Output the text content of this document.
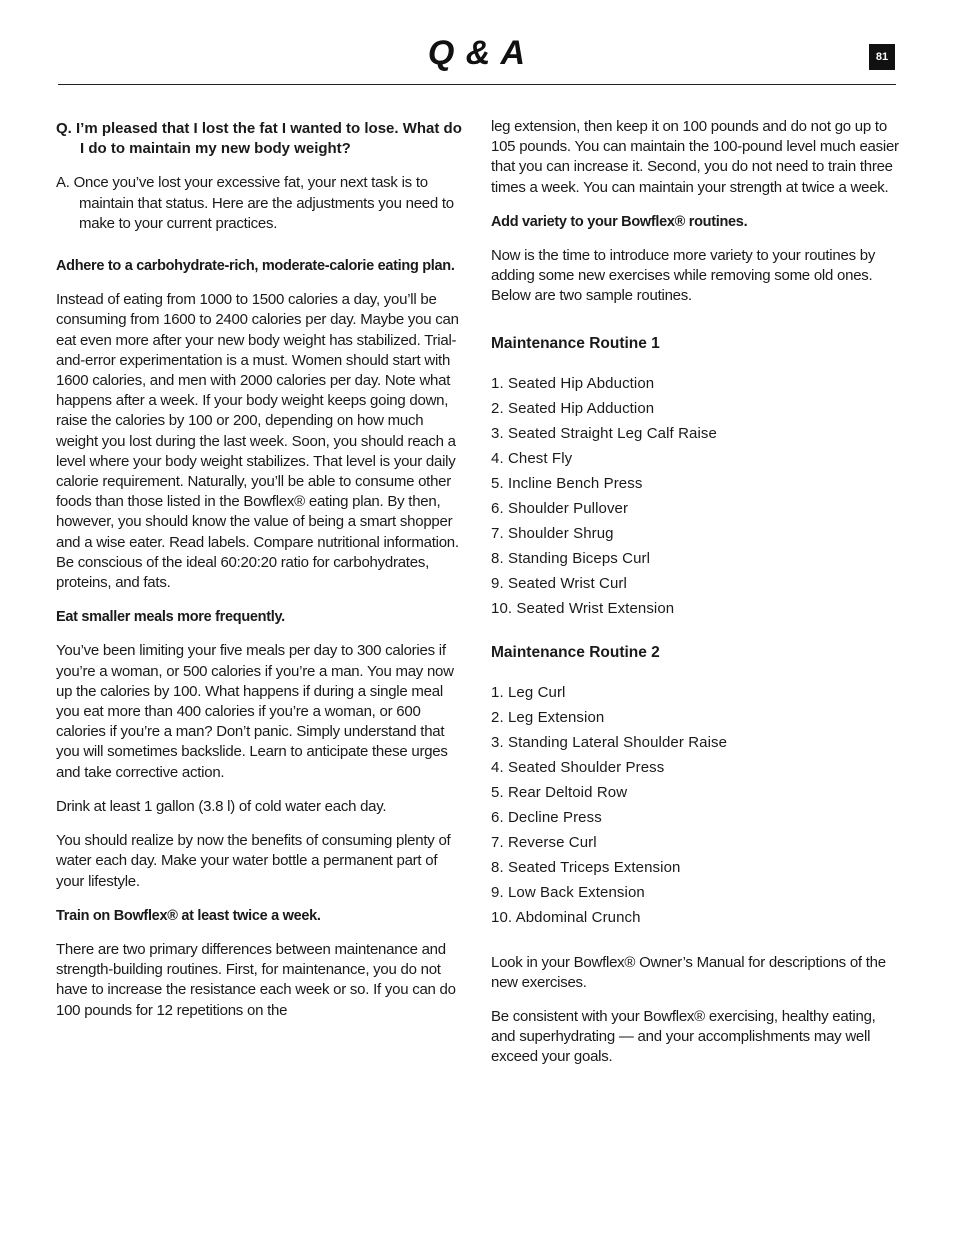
Q & A	81

Q. I’m pleased that I lost the fat I wanted to lose. What do I do to maintain my new body weight?

A. Once you’ve lost your excessive fat, your next task is to maintain that status. Here are the adjustments you need to make to your current practices.

Adhere to a carbohydrate-rich, moderate-calorie eating plan.

Instead of eating from 1000 to 1500 calories a day, you’ll be consuming from 1600 to 2400 calories per day. Maybe you can eat even more after your new body weight has stabilized. Trial-and-error experimentation is a must. Women should start with 1600 calories, and men with 2000 calories per day. Note what happens after a week. If your body weight keeps going down, raise the calories by 100 or 200, depending on how much weight you lost during the last week. Soon, you should reach a level where your body weight stabilizes. That level is your daily calorie requirement. Naturally, you’ll be able to consume other foods than those listed in the Bowflex® eating plan. By then, however, you should know the value of being a smart shopper and a wise eater. Read labels. Compare nutritional information. Be conscious of the ideal 60:20:20 ratio for carbohydrates, proteins, and fats.

Eat smaller meals more frequently.

You’ve been limiting your five meals per day to 300 calories if you’re a woman, or 500 calories if you’re a man. You may now up the calories by 100. What happens if during a single meal you eat more than 400 calories if you’re a woman, or 600 calories if you’re a man? Don’t panic. Simply understand that you will sometimes backslide. Learn to anticipate these urges and take corrective action.

Drink at least 1 gallon (3.8 l) of cold water each day.

You should realize by now the benefits of consuming plenty of water each day. Make your water bottle a permanent part of your lifestyle.

Train on Bowflex® at least twice a week.

There are two primary differences between maintenance and strength-building routines. First, for maintenance, you do not have to increase the resistance each week or so. If you can do 100 pounds for 12 repetitions on the

leg extension, then keep it on 100 pounds and do not go up to 105 pounds. You can maintain the 100-pound level much easier that you can increase it. Second, you do not need to train three times a week. You can maintain your strength at twice a week.

Add variety to your Bowflex® routines.

Now is the time to introduce more variety to your routines by adding some new exercises while removing some old ones. Below are two sample routines.

Maintenance Routine 1

1. Seated Hip Abduction
2. Seated Hip Adduction
3. Seated Straight Leg Calf Raise
4. Chest Fly
5. Incline Bench Press
6. Shoulder Pullover
7. Shoulder Shrug
8. Standing Biceps Curl
9. Seated Wrist Curl
10. Seated Wrist Extension

Maintenance Routine 2

1. Leg Curl
2. Leg Extension
3. Standing Lateral Shoulder Raise
4. Seated Shoulder Press
5. Rear Deltoid Row
6. Decline Press
7. Reverse Curl
8. Seated Triceps Extension
9. Low Back Extension
10. Abdominal Crunch

Look in your Bowflex® Owner’s Manual for descriptions of the new exercises.

Be consistent with your Bowflex® exercising, healthy eating, and superhydrating — and your accomplishments may well exceed your goals.
